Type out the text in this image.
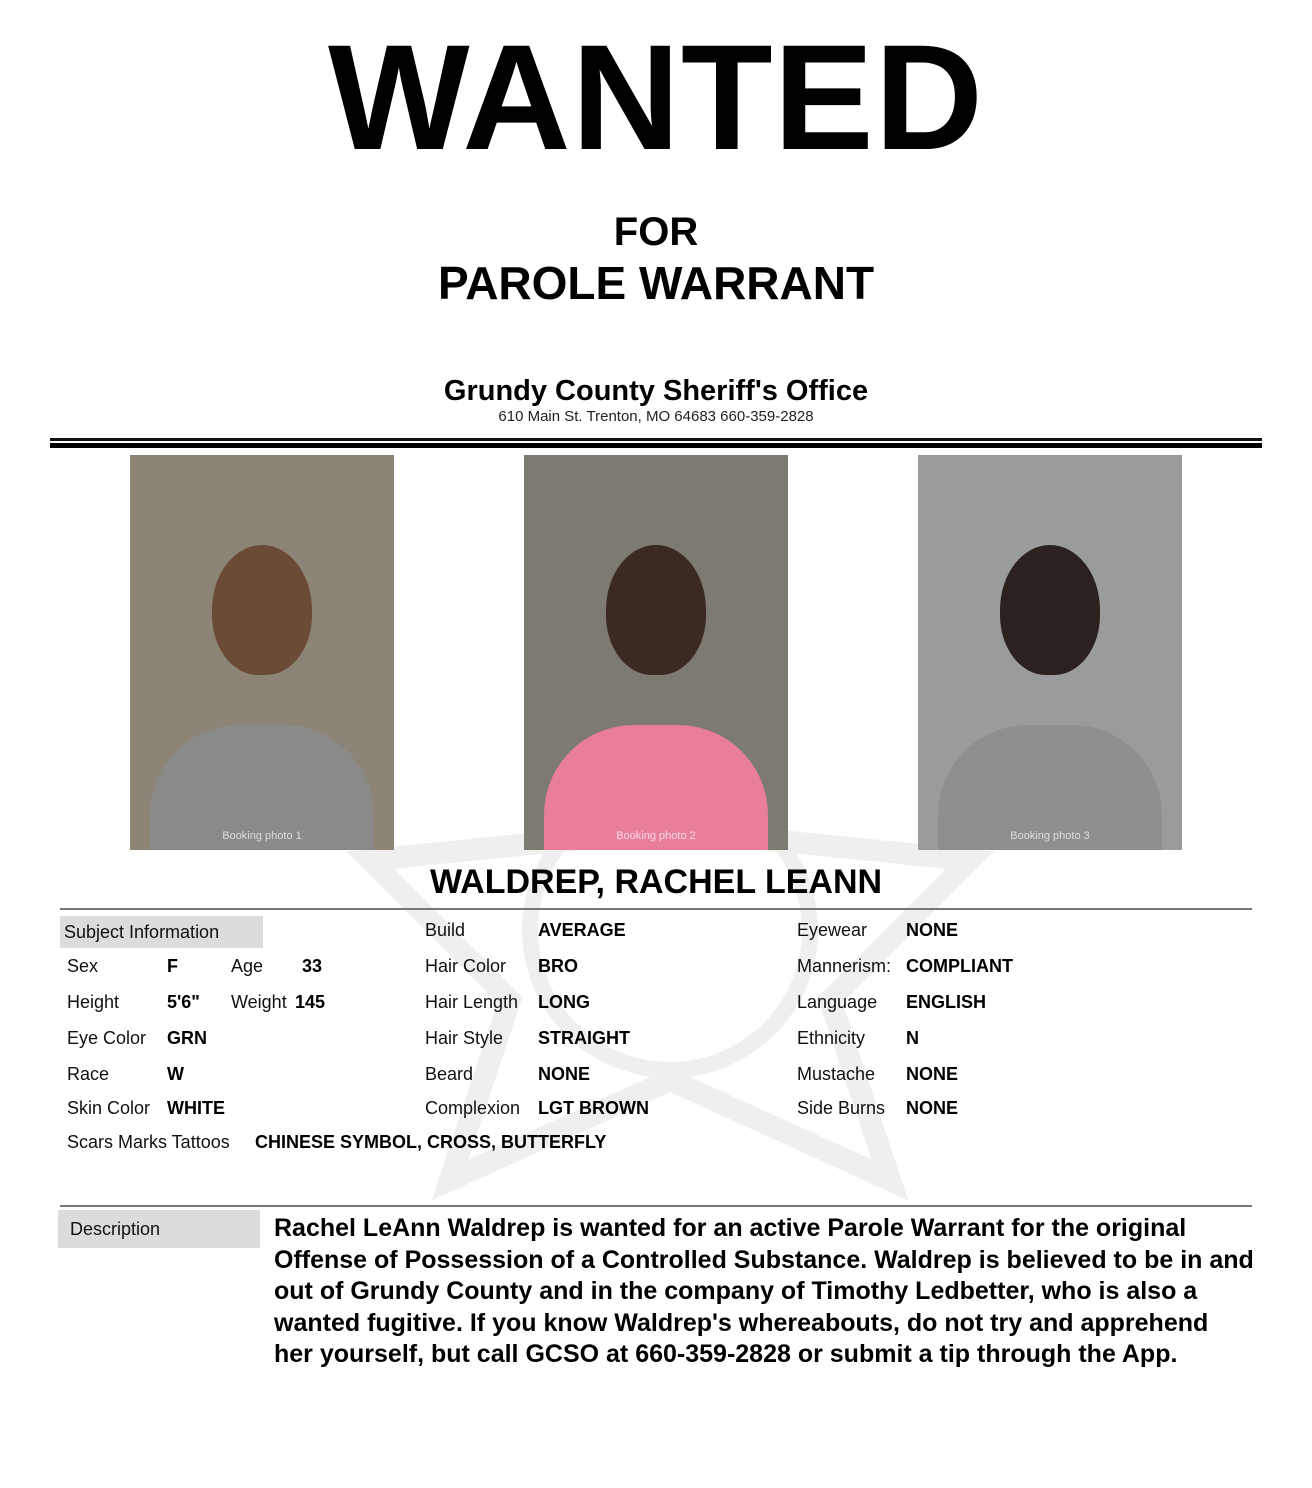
WANTED
FOR
PAROLE WARRANT
Grundy County Sheriff's Office
610 Main St. Trenton, MO 64683 660-359-2828
Booking photo 1	Booking photo 2	Booking photo 3
WALDREP, RACHEL LEANN
Subject Information
Sex	F	Age 33
Height	5'6" Weight 145
Eye Color GRN
Race	W
Skin Color WHITE
Scars Marks Tattoos CHINESE SYMBOL, CROSS, BUTTERFLY
Build	AVERAGE
Hair Color BRO
Hair Length LONG
Hair Style STRAIGHT
Beard	NONE
Complexion LGT BROWN
Eyewear NONE
Mannerism: COMPLIANT
Language ENGLISH
Ethnicity N
Mustache NONE
Side Burns NONE
Description	Rachel LeAnn Waldrep is wanted for an active Parole Warrant for the original Offense of Possession of a Controlled Substance. Waldrep is believed to be in and out of Grundy County and in the company of Timothy Ledbetter, who is also a wanted fugitive. If you know Waldrep's whereabouts, do not try and apprehend her yourself, but call GCSO at 660-359-2828 or submit a tip through the App.
